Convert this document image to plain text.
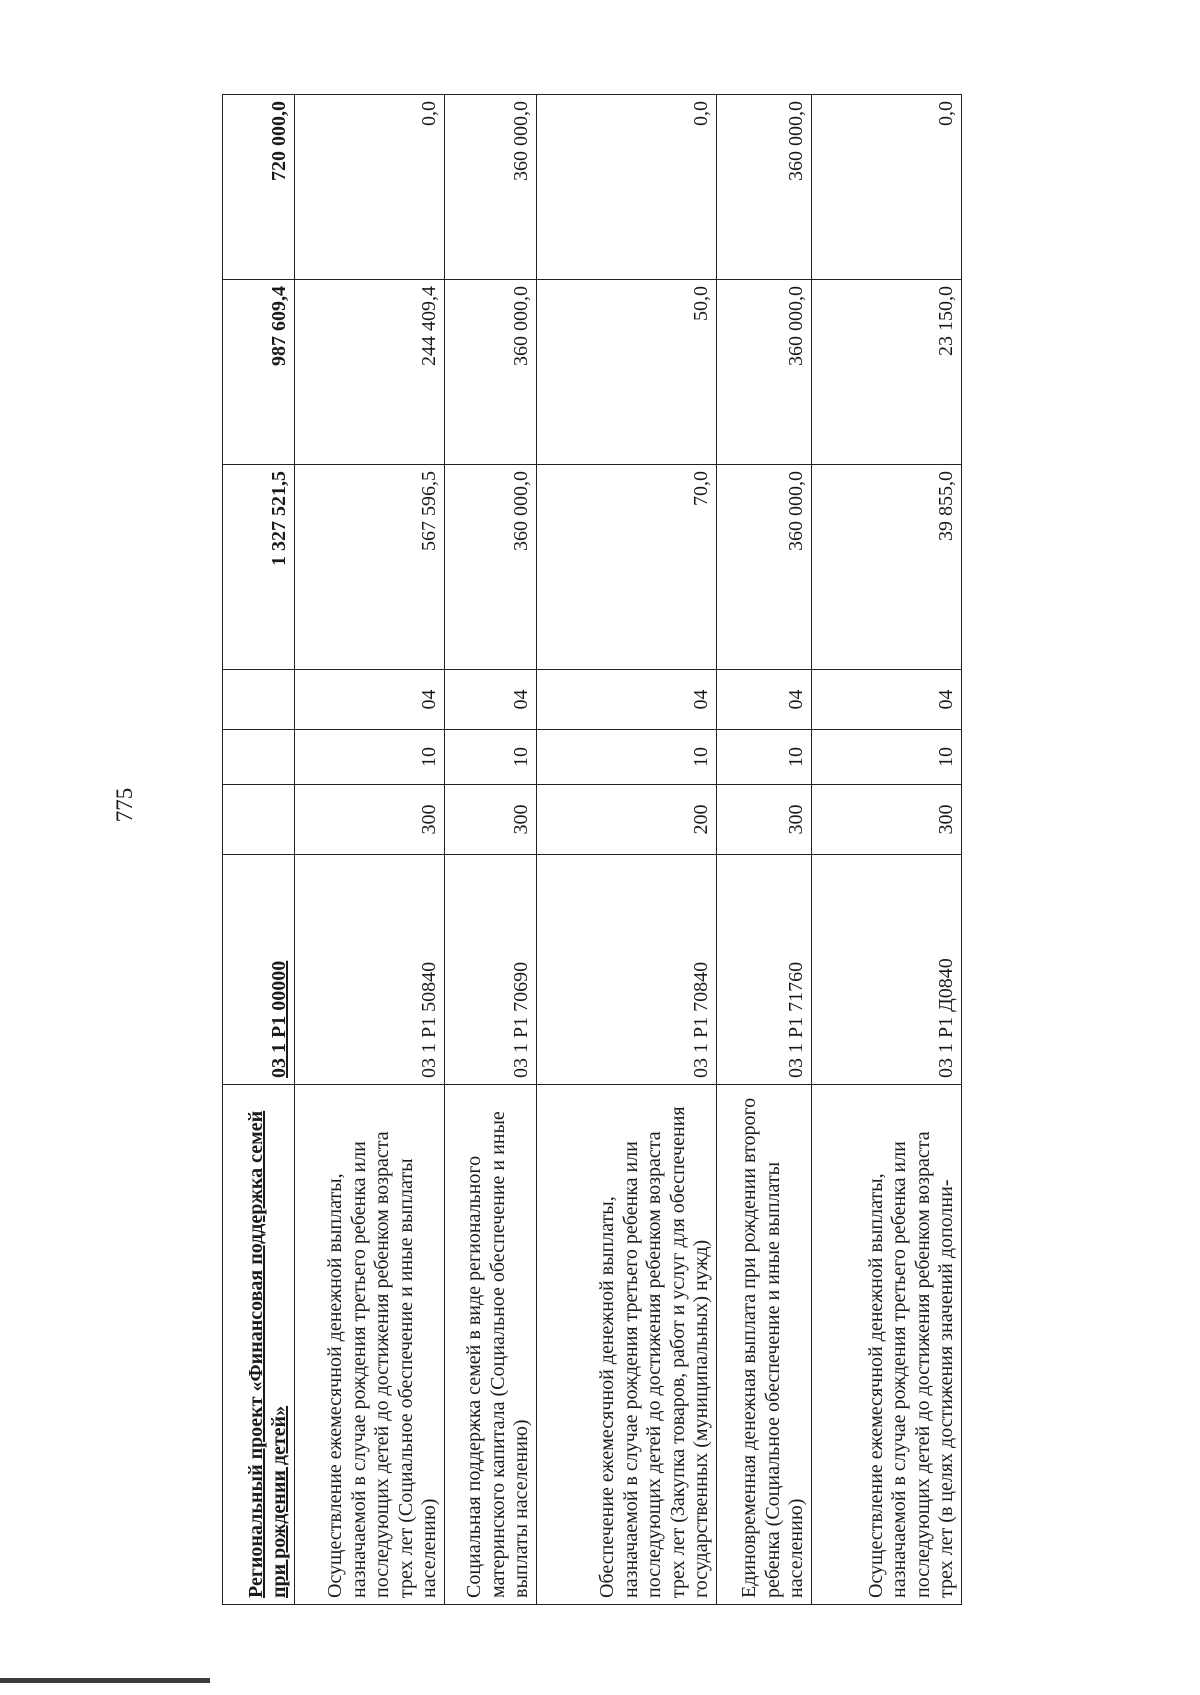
775
Региональный проект «Финансовая поддержка семей при рождении детей»	03 1 Р1 00000				1 327 521,5	987 609,4	720 000,0
Осуществление ежемесячной денежной выплаты, назначаемой в случае рождения третьего ребенка или последующих детей до достижения ребенком возраста трех лет (Социальное обеспечение и иные выплаты населению)	03 1 Р1 50840	300	10	04	567 596,5	244 409,4	0,0
Социальная поддержка семей в виде регионального материнского капитала (Социальное обеспечение и иные выплаты населению)	03 1 Р1 70690	300	10	04	360 000,0	360 000,0	360 000,0
Обеспечение ежемесячной денежной выплаты, назначаемой в случае рождения третьего ребенка или последующих детей до достижения ребенком возраста трех лет (Закупка товаров, работ и услуг для обеспечения государственных (муниципальных) нужд)	03 1 Р1 70840	200	10	04	70,0	50,0	0,0
Единовременная денежная выплата при рождении второго ребенка (Социальное обеспечение и иные выплаты населению)	03 1 Р1 71760	300	10	04	360 000,0	360 000,0	360 000,0
Осуществление ежемесячной денежной выплаты, назначаемой в случае рождения третьего ребенка или последующих детей до достижения ребенком возраста трех лет (в целях достижения значений дополни-	03 1 Р1 Д0840	300	10	04	39 855,0	23 150,0	0,0
